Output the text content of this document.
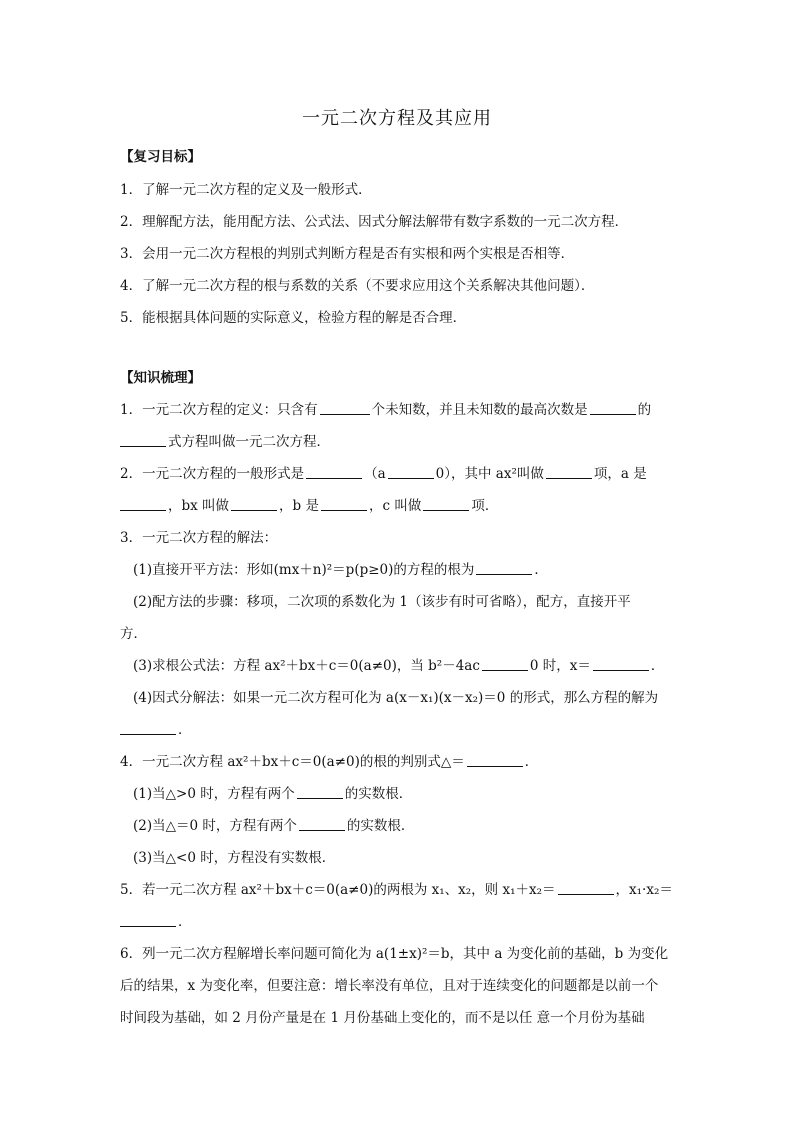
一元二次方程及其应用
【复习目标】
1．了解一元二次方程的定义及一般形式．
2．理解配方法，能用配方法、公式法、因式分解法解带有数字系数的一元二次方程．
3．会用一元二次方程根的判别式判断方程是否有实根和两个实根是否相等．
4．了解一元二次方程的根与系数的关系（不要求应用这个关系解决其他问题）．
5．能根据具体问题的实际意义，检验方程的解是否合理．
【知识梳理】
1．一元二次方程的定义：只含有	个未知数，并且未知数的最高次数是	的
式方程叫做一元二次方程．
2．一元二次方程的一般形式是	（a	0），其中 ax²叫做	项，a 是
，bx 叫做	，b 是	，c 叫做	项．
3．一元二次方程的解法：
(1)直接开平方法：形如(mx＋n)²＝p(p≥0)的方程的根为	．
(2)配方法的步骤：移项，二次项的系数化为 1（该步有时可省略），配方，直接开平
方．
(3)求根公式法：方程 ax²＋bx＋c＝0(a≠0)，当 b²－4ac	0 时，x＝	．
(4)因式分解法：如果一元二次方程可化为 a(x－x₁)(x－x₂)＝0 的形式，那么方程的解为
．
4．一元二次方程 ax²＋bx＋c＝0(a≠0)的根的判别式△＝	．
(1)当△>0 时，方程有两个	的实数根．
(2)当△＝0 时，方程有两个	的实数根．
(3)当△<0 时，方程没有实数根．
5．若一元二次方程 ax²＋bx＋c＝0(a≠0)的两根为 x₁、x₂，则 x₁＋x₂＝	，x₁·x₂＝
．
6．列一元二次方程解增长率问题可简化为 a(1±x)²＝b，其中 a 为变化前的基础，b 为变化
后的结果，x 为变化率，但要注意：增长率没有单位，且对于连续变化的问题都是以前一个
时间段为基础，如 2 月份产量是在 1 月份基础上变化的，而不是以任 意一个月份为基础
